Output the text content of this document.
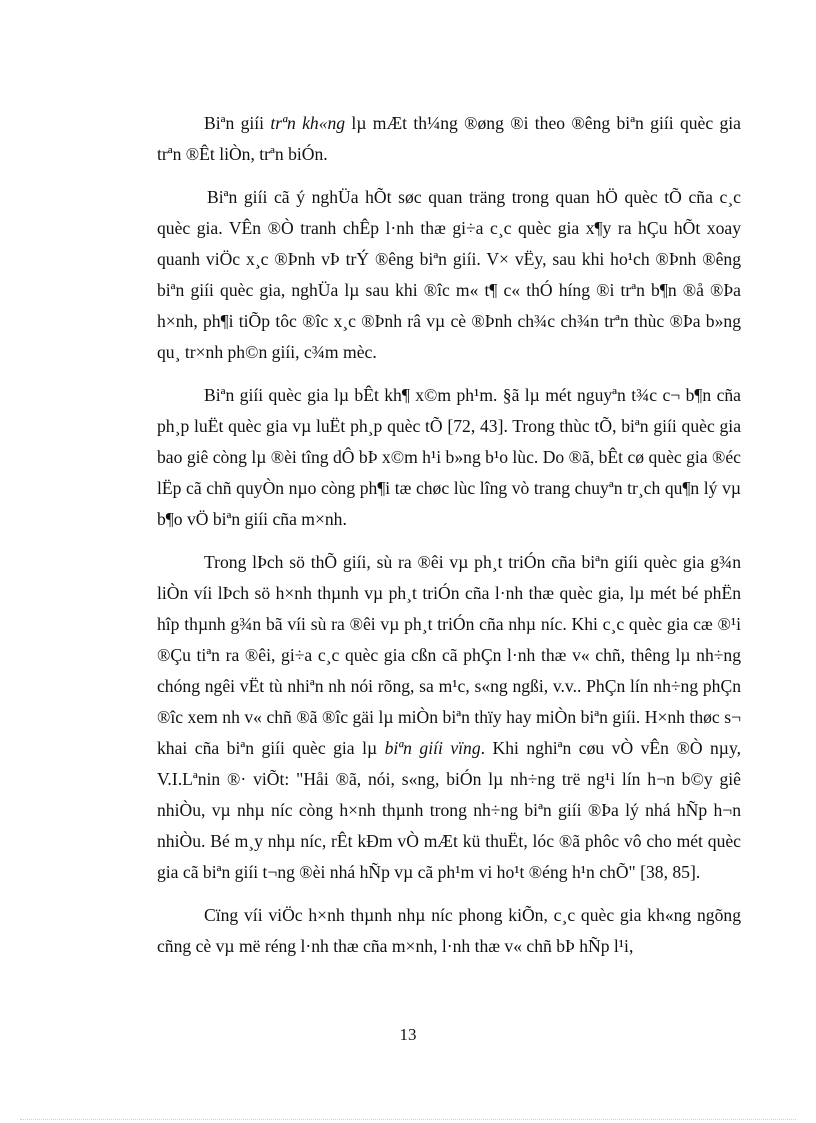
Biªn giíi trªn kh«ng lµ mÆt th¼ng ®øng ®i theo ®êng biªn giíi quèc gia trªn ®Êt liÒn, trªn biÓn.

Biªn giíi cã ý nghÜa hÕt søc quan träng trong quan hÖ quèc tÕ cña c¸c quèc gia. VÊn ®Ò tranh chÊp l·nh thæ gi÷a c¸c quèc gia x¶y ra hÇu hÕt xoay quanh viÖc x¸c ®Þnh vÞ trÝ ®êng biªn giíi. V× vËy, sau khi ho¹ch ®Þnh ®êng biªn giíi quèc gia, nghÜa lµ sau khi ®îc m« t¶ c« thÓ híng ®i trªn b¶n ®å ®Þa h×nh, ph¶i tiÕp tôc ®îc x¸c ®Þnh râ vµ cè ®Þnh ch¾c ch¾n trªn thùc ®Þa b»ng qu¸ tr×nh ph©n giíi, c¾m mèc.

Biªn giíi quèc gia lµ bÊt kh¶ x©m ph¹m. §ã lµ mét nguyªn t¾c c¬ b¶n cña ph¸p luËt quèc gia vµ luËt ph¸p quèc tÕ [72, 43]. Trong thùc tÕ, biªn giíi quèc gia bao giê còng lµ ®èi tîng dÔ bÞ x©m h¹i b»ng b¹o lùc. Do ®ã, bÊt cø quèc gia ®éc lËp cã chñ quyÒn nµo còng ph¶i tæ chøc lùc lîng vò trang chuyªn tr¸ch qu¶n lý vµ b¶o vÖ biªn giíi cña m×nh.

Trong lÞch sö thÕ giíi, sù ra ®êi vµ ph¸t triÓn cña biªn giíi quèc gia g¾n liÒn víi lÞch sö h×nh thµnh vµ ph¸t triÓn cña l·nh thæ quèc gia, lµ mét bé phËn hîp thµnh g¾n bã víi sù ra ®êi vµ ph¸t triÓn cña nhµ níc. Khi c¸c quèc gia cæ ®¹i ®Çu tiªn ra ®êi, gi÷a c¸c quèc gia cßn cã phÇn l·nh thæ v« chñ, thêng lµ nh÷ng chóng ngêi vËt tù nhiªn nh nói rõng, sa m¹c, s«ng ngßi, v.v.. PhÇn lín nh÷ng phÇn ®îc xem nh v« chñ ®ã ®îc gäi lµ miÒn biªn thïy hay miÒn biªn giíi. H×nh thøc s¬ khai cña biªn giíi quèc gia lµ biªn giíi vïng. Khi nghiªn cøu vÒ vÊn ®Ò nµy, V.I.Lªnin ®· viÕt: "Håi ®ã, nói, s«ng, biÓn lµ nh÷ng trë ng¹i lín h¬n b©y giê nhiÒu, vµ nhµ níc còng h×nh thµnh trong nh÷ng biªn giíi ®Þa lý nhá hÑp h¬n nhiÒu. Bé m¸y nhµ níc, rÊt kÐm vÒ mÆt kü thuËt, lóc ®ã phôc vô cho mét quèc gia cã biªn giíi t¬ng ®èi nhá hÑp vµ cã ph¹m vi ho¹t ®éng h¹n chÕ" [38, 85].

Cïng víi viÖc h×nh thµnh nhµ níc phong kiÕn, c¸c quèc gia kh«ng ngõng cñng cè vµ më réng l·nh thæ cña m×nh, l·nh thæ v« chñ bÞ hÑp l¹i,

13
